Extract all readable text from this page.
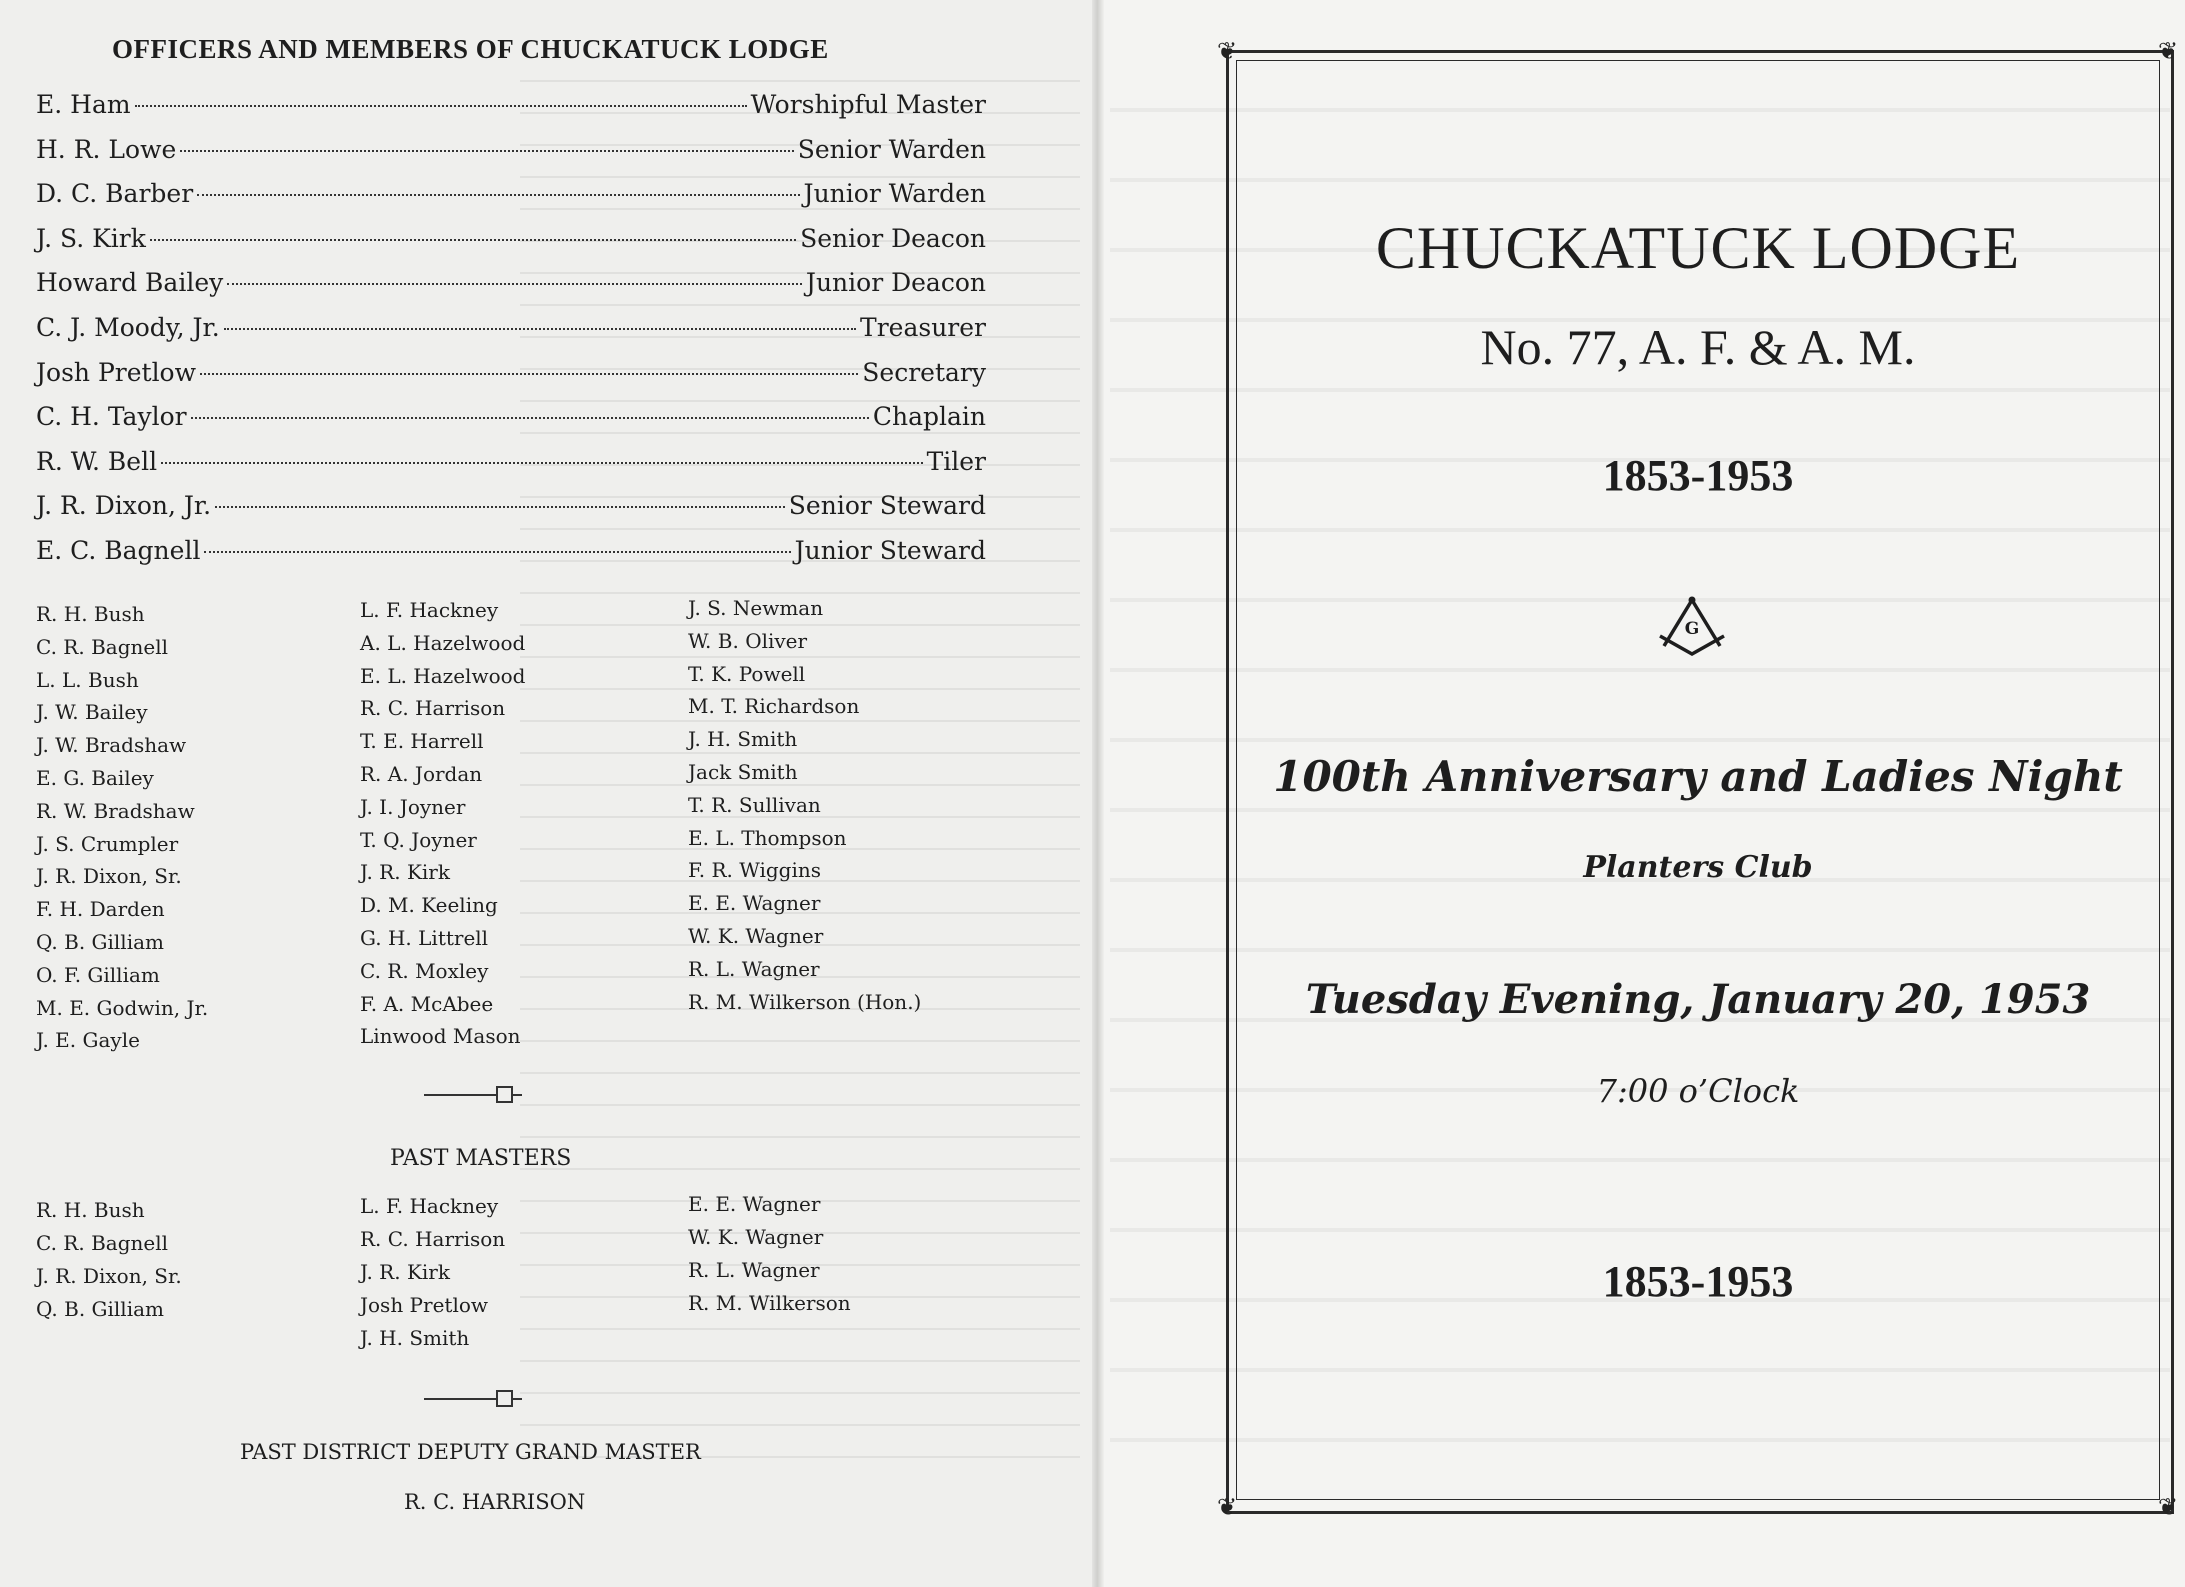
OFFICERS AND MEMBERS OF CHUCKATUCK LODGE
E. Ham	Worshipful Master
H. R. Lowe	Senior Warden
D. C. Barber	Junior Warden
J. S. Kirk	Senior Deacon
Howard Bailey	Junior Deacon
C. J. Moody, Jr.	Treasurer
Josh Pretlow	Secretary
C. H. Taylor	Chaplain
R. W. Bell	Tiler
J. R. Dixon, Jr.	Senior Steward
E. C. Bagnell	Junior Steward
R. H. Bush
C. R. Bagnell
L. L. Bush
J. W. Bailey
J. W. Bradshaw
E. G. Bailey
R. W. Bradshaw
J. S. Crumpler
J. R. Dixon, Sr.
F. H. Darden
Q. B. Gilliam
O. F. Gilliam
M. E. Godwin, Jr.
J. E. Gayle
L. F. Hackney
A. L. Hazelwood
E. L. Hazelwood
R. C. Harrison
T. E. Harrell
R. A. Jordan
J. I. Joyner
T. Q. Joyner
J. R. Kirk
D. M. Keeling
G. H. Littrell
C. R. Moxley
F. A. McAbee
Linwood Mason
J. S. Newman
W. B. Oliver
T. K. Powell
M. T. Richardson
J. H. Smith
Jack Smith
T. R. Sullivan
E. L. Thompson
F. R. Wiggins
E. E. Wagner
W. K. Wagner
R. L. Wagner
R. M. Wilkerson (Hon.)
PAST MASTERS
R. H. Bush
C. R. Bagnell
J. R. Dixon, Sr.
Q. B. Gilliam
L. F. Hackney
R. C. Harrison
J. R. Kirk
Josh Pretlow
J. H. Smith
E. E. Wagner
W. K. Wagner
R. L. Wagner
R. M. Wilkerson
PAST DISTRICT DEPUTY GRAND MASTER
R. C. HARRISON
❦	❦
❦	❦
CHUCKATUCK LODGE
No. 77, A. F. & A. M.
1853-1953
G
100th Anniversary and Ladies Night
Planters Club
Tuesday Evening, January 20, 1953
7:00 o’Clock
1853-1953
